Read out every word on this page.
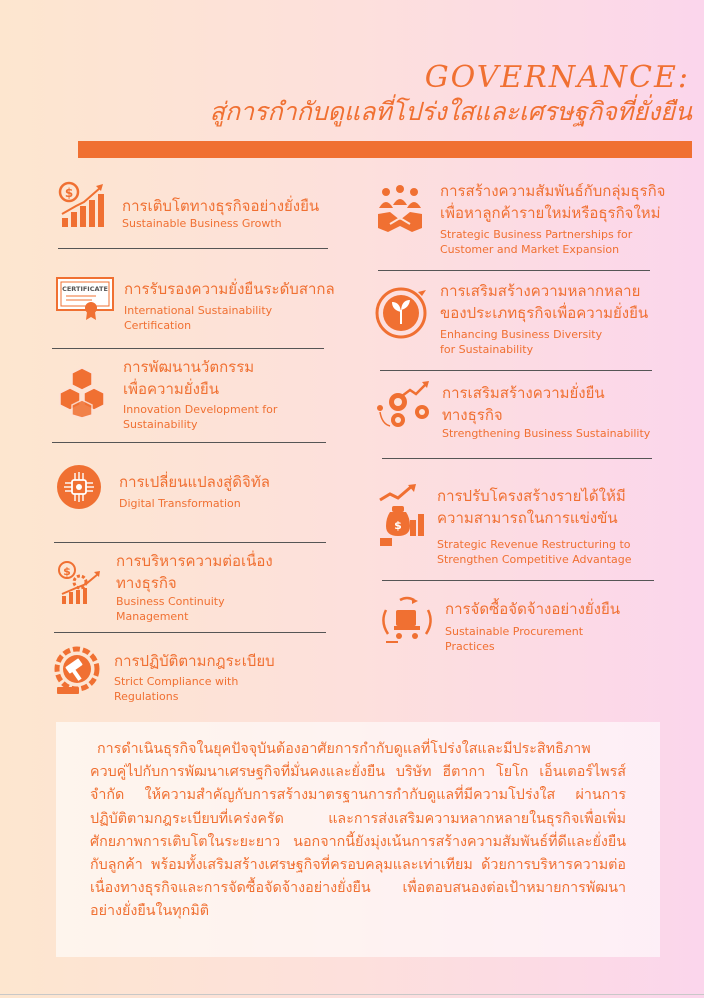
GOVERNANCE:
สู่การกำกับดูแลที่โปร่งใสและเศรษฐกิจที่ยั่งยืน
$
การเติบโตทางธุรกิจอย่างยั่งยืน
Sustainable Business Growth
CERTIFICATE การรับรองความยั่งยืนระดับสากล
International Sustainability
Certification
การพัฒนานวัตกรรม
เพื่อความยั่งยืน
Innovation Development for
Sustainability
การเปลี่ยนแปลงสู่ดิจิทัล
Digital Transformation
$
การบริหารความต่อเนื่อง
ทางธุรกิจ
Business Continuity
Management
การปฏิบัติตามกฎระเบียบ
Strict Compliance with
Regulations
การสร้างความสัมพันธ์กับกลุ่มธุรกิจ
เพื่อหาลูกค้ารายใหม่หรือธุรกิจใหม่
Strategic Business Partnerships for
Customer and Market Expansion
การเสริมสร้างความหลากหลาย
ของประเภทธุรกิจเพื่อความยั่งยืน
Enhancing Business Diversity
for Sustainability
การเสริมสร้างความยั่งยืน
ทางธุรกิจ
Strengthening Business Sustainability
$
การปรับโครงสร้างรายได้ให้มี
ความสามารถในการแข่งขัน
Strategic Revenue Restructuring to
Strengthen Competitive Advantage
การจัดซื้อจัดจ้างอย่างยั่งยืน
Sustainable Procurement
Practices
การดำเนินธุรกิจในยุคปัจจุบันต้องอาศัยการกำกับดูแลที่โปร่งใสและมีประสิทธิภาพควบคู่ไปกับการพัฒนาเศรษฐกิจที่มั่นคงและยั่งยืน บริษัท ฮีตากา โยโก เอ็นเตอร์ไพรส์ จำกัด ให้ความสำคัญกับการสร้างมาตรฐานการกำกับดูแลที่มีความโปร่งใส ผ่านการปฏิบัติตามกฎระเบียบที่เคร่งครัด และการส่งเสริมความหลากหลายในธุรกิจเพื่อเพิ่มศักยภาพการเติบโตในระยะยาว นอกจากนี้ยังมุ่งเน้นการสร้างความสัมพันธ์ที่ดีและยั่งยืนกับลูกค้า พร้อมทั้งเสริมสร้างเศรษฐกิจที่ครอบคลุมและเท่าเทียม ด้วยการบริหารความต่อเนื่องทางธุรกิจและการจัดซื้อจัดจ้างอย่างยั่งยืน เพื่อตอบสนองต่อเป้าหมายการพัฒนาอย่างยั่งยืนในทุกมิติ
